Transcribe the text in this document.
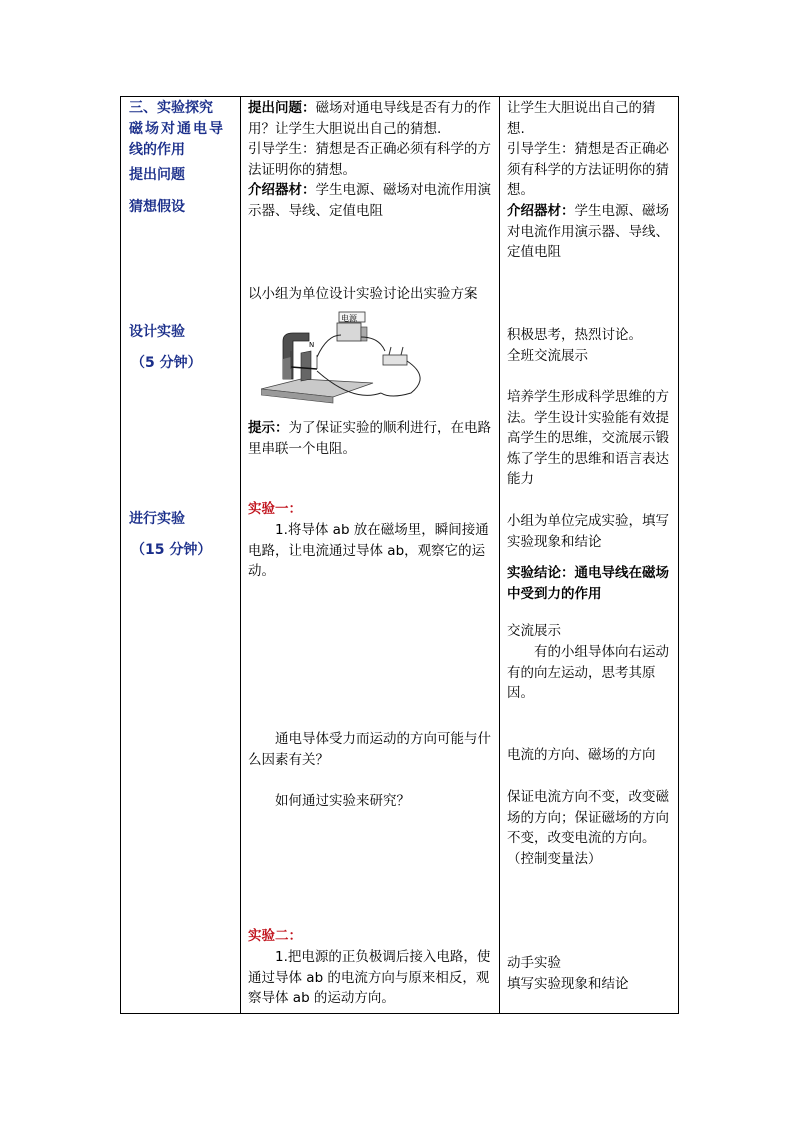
三、实验探究

磁场对通电导

线的作用

提出问题

猜想假设

设计实验

（5 分钟）

进行实验

（15 分钟）

提出问题：磁场对通电导线是否有力的作用？让学生大胆说出自己的猜想.

引导学生：猜想是否正确必须有科学的方法证明你的猜想。

介绍器材：学生电源、磁场对电流作用演示器、导线、定值电阻

以小组为单位设计实验讨论出实验方案

电源
N
S

提示：为了保证实验的顺利进行，在电路里串联一个电阻。

实验一：

1.将导体 ab 放在磁场里，瞬间接通电路，让电流通过导体 ab，观察它的运动。

通电导体受力而运动的方向可能与什么因素有关？

如何通过实验来研究？

实验二：

1.把电源的正负极调后接入电路，使通过导体 ab 的电流方向与原来相反，观察导体 ab 的运动方向。

让学生大胆说出自己的猜想.

引导学生：猜想是否正确必须有科学的方法证明你的猜想。

介绍器材：学生电源、磁场对电流作用演示器、导线、定值电阻

积极思考，热烈讨论。

全班交流展示

培养学生形成科学思维的方法。学生设计实验能有效提高学生的思维，交流展示锻炼了学生的思维和语言表达能力

小组为单位完成实验，填写实验现象和结论

实验结论：通电导线在磁场中受到力的作用

交流展示

有的小组导体向右运动有的向左运动，思考其原因。

电流的方向、磁场的方向

保证电流方向不变，改变磁场的方向；保证磁场的方向不变，改变电流的方向。（控制变量法）

动手实验

填写实验现象和结论
